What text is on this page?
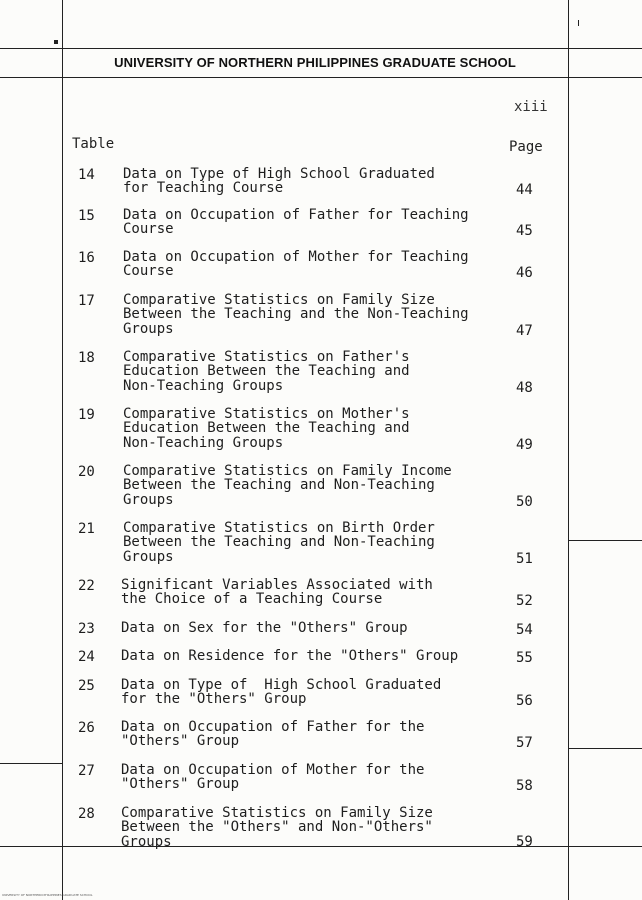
UNIVERSITY OF NORTHERN PHILIPPINES GRADUATE SCHOOL
xiii
Table	Page
14 Data on Type of High School Graduated
for Teaching Course	44
15 Data on Occupation of Father for Teaching
Course	45
16 Data on Occupation of Mother for Teaching
Course	46
17 Comparative Statistics on Family Size
Between the Teaching and the Non-Teaching
Groups	47
18 Comparative Statistics on Father's
Education Between the Teaching and
Non-Teaching Groups	48
19 Comparative Statistics on Mother's
Education Between the Teaching and
Non-Teaching Groups	49
20 Comparative Statistics on Family Income
Between the Teaching and Non-Teaching
Groups	50
21 Comparative Statistics on Birth Order
Between the Teaching and Non-Teaching
Groups	51
22 Significant Variables Associated with
the Choice of a Teaching Course	52
23 Data on Sex for the "Others" Group	54
24 Data on Residence for the "Others" Group	55
25 Data on Type of  High School Graduated
for the "Others" Group	56
26 Data on Occupation of Father for the
"Others" Group	57
27 Data on Occupation of Mother for the
"Others" Group	58
28 Comparative Statistics on Family Size
Between the "Others" and Non-"Others"
Groups	59
UNIVERSITY OF NORTHERN PHILIPPINES GRADUATE SCHOOL
